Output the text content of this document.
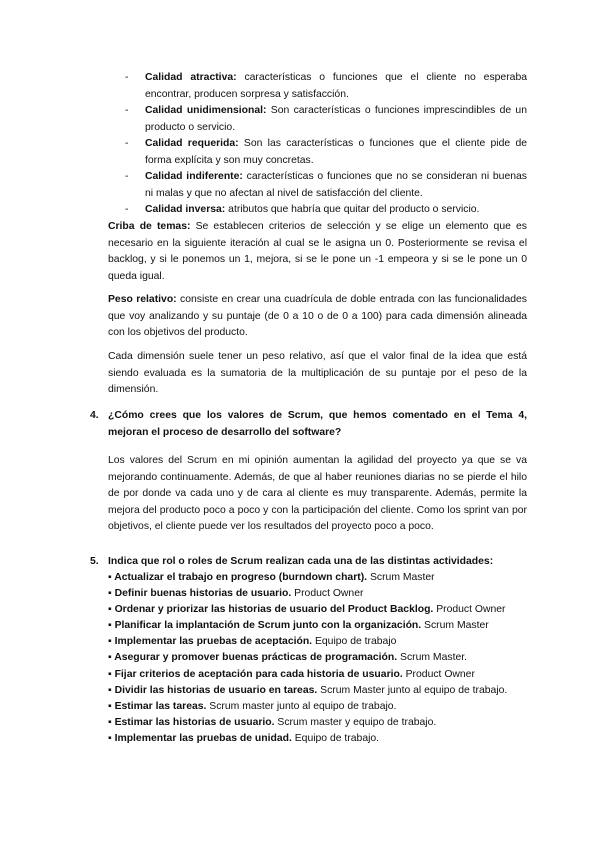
- Calidad atractiva: características o funciones que el cliente no esperaba encontrar, producen sorpresa y satisfacción.
- Calidad unidimensional: Son características o funciones imprescindibles de un producto o servicio.
- Calidad requerida: Son las características o funciones que el cliente pide de forma explícita y son muy concretas.
- Calidad indiferente: características o funciones que no se consideran ni buenas ni malas y que no afectan al nivel de satisfacción del cliente.
- Calidad inversa: atributos que habría que quitar del producto o servicio.

Criba de temas: Se establecen criterios de selección y se elige un elemento que es necesario en la siguiente iteración al cual se le asigna un 0. Posteriormente se revisa el backlog, y si le ponemos un 1, mejora, si se le pone un -1 empeora y si se le pone un 0 queda igual.

Peso relativo: consiste en crear una cuadrícula de doble entrada con las funcionalidades que voy analizando y su puntaje (de 0 a 10 o de 0 a 100) para cada dimensión alineada con los objetivos del producto.

Cada dimensión suele tener un peso relativo, así que el valor final de la idea que está siendo evaluada es la sumatoria de la multiplicación de su puntaje por el peso de la dimensión.

4. ¿Cómo crees que los valores de Scrum, que hemos comentado en el Tema 4, mejoran el proceso de desarrollo del software?

Los valores del Scrum en mi opinión aumentan la agilidad del proyecto ya que se va mejorando continuamente. Además, de que al haber reuniones diarias no se pierde el hilo de por donde va cada uno y de cara al cliente es muy transparente. Además, permite la mejora del producto poco a poco y con la participación del cliente. Como los sprint van por objetivos, el cliente puede ver los resultados del proyecto poco a poco.

5. Indica que rol o roles de Scrum realizan cada una de las distintas actividades:

▪ Actualizar el trabajo en progreso (burndown chart). Scrum Master
▪ Definir buenas historias de usuario. Product Owner
▪ Ordenar y priorizar las historias de usuario del Product Backlog. Product Owner
▪ Planificar la implantación de Scrum junto con la organización. Scrum Master
▪ Implementar las pruebas de aceptación. Equipo de trabajo
▪ Asegurar y promover buenas prácticas de programación. Scrum Master.
▪ Fijar criterios de aceptación para cada historia de usuario. Product Owner
▪ Dividir las historias de usuario en tareas. Scrum Master junto al equipo de trabajo.
▪ Estimar las tareas. Scrum master junto al equipo de trabajo.
▪ Estimar las historias de usuario. Scrum master y equipo de trabajo.
▪ Implementar las pruebas de unidad. Equipo de trabajo.
